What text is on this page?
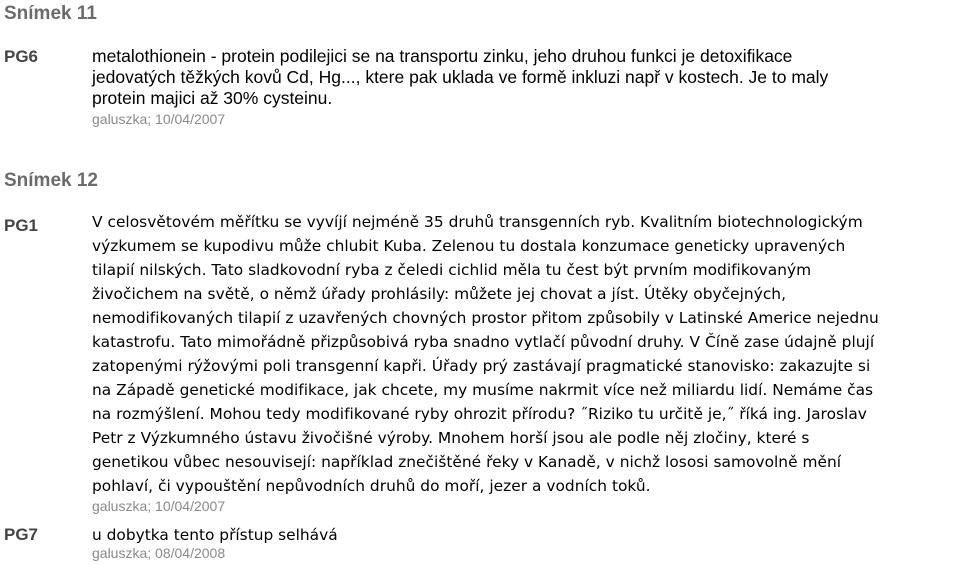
Snímek 11
PG6	metalothionein - protein podilejici se na transportu zinku, jeho druhou funkci je detoxifikace
jedovatých těžkých kovů Cd, Hg..., ktere pak uklada ve formě inkluzi např v kostech. Je to maly
protein majici až 30% cysteinu.
galuszka; 10/04/2007
Snímek 12
PG1	V celosvětovém měřítku se vyvíjí nejméně 35 druhů transgenních ryb. Kvalitním biotechnologickým
výzkumem se kupodivu může chlubit Kuba. Zelenou tu dostala konzumace geneticky upravených
tilapií nilských. Tato sladkovodní ryba z čeledi cichlid měla tu čest být prvním modifikovaným
živočichem na světě, o němž úřady prohlásily: můžete jej chovat a jíst. Útěky obyčejných,
nemodifikovaných tilapií z uzavřených chovných prostor přitom způsobily v Latinské Americe nejednu
katastrofu. Tato mimořádně přizpůsobivá ryba snadno vytlačí původní druhy. V Číně zase údajně plují
zatopenými rýžovými poli transgenní kapři. Úřady prý zastávají pragmatické stanovisko: zakazujte si
na Západě genetické modifikace, jak chcete, my musíme nakrmit více než miliardu lidí. Nemáme čas
na rozmýšlení. Mohou tedy modifikované ryby ohrozit přírodu? ˝Riziko tu určitě je,˝ říká ing. Jaroslav
Petr z Výzkumného ústavu živočišné výroby. Mnohem horší jsou ale podle něj zločiny, které s
genetikou vůbec nesouvisejí: například znečištěné řeky v Kanadě, v nichž lososi samovolně mění
pohlaví, či vypouštění nepůvodních druhů do moří, jezer a vodních toků.
galuszka; 10/04/2007
PG7	u dobytka tento přístup selhává
galuszka; 08/04/2008
